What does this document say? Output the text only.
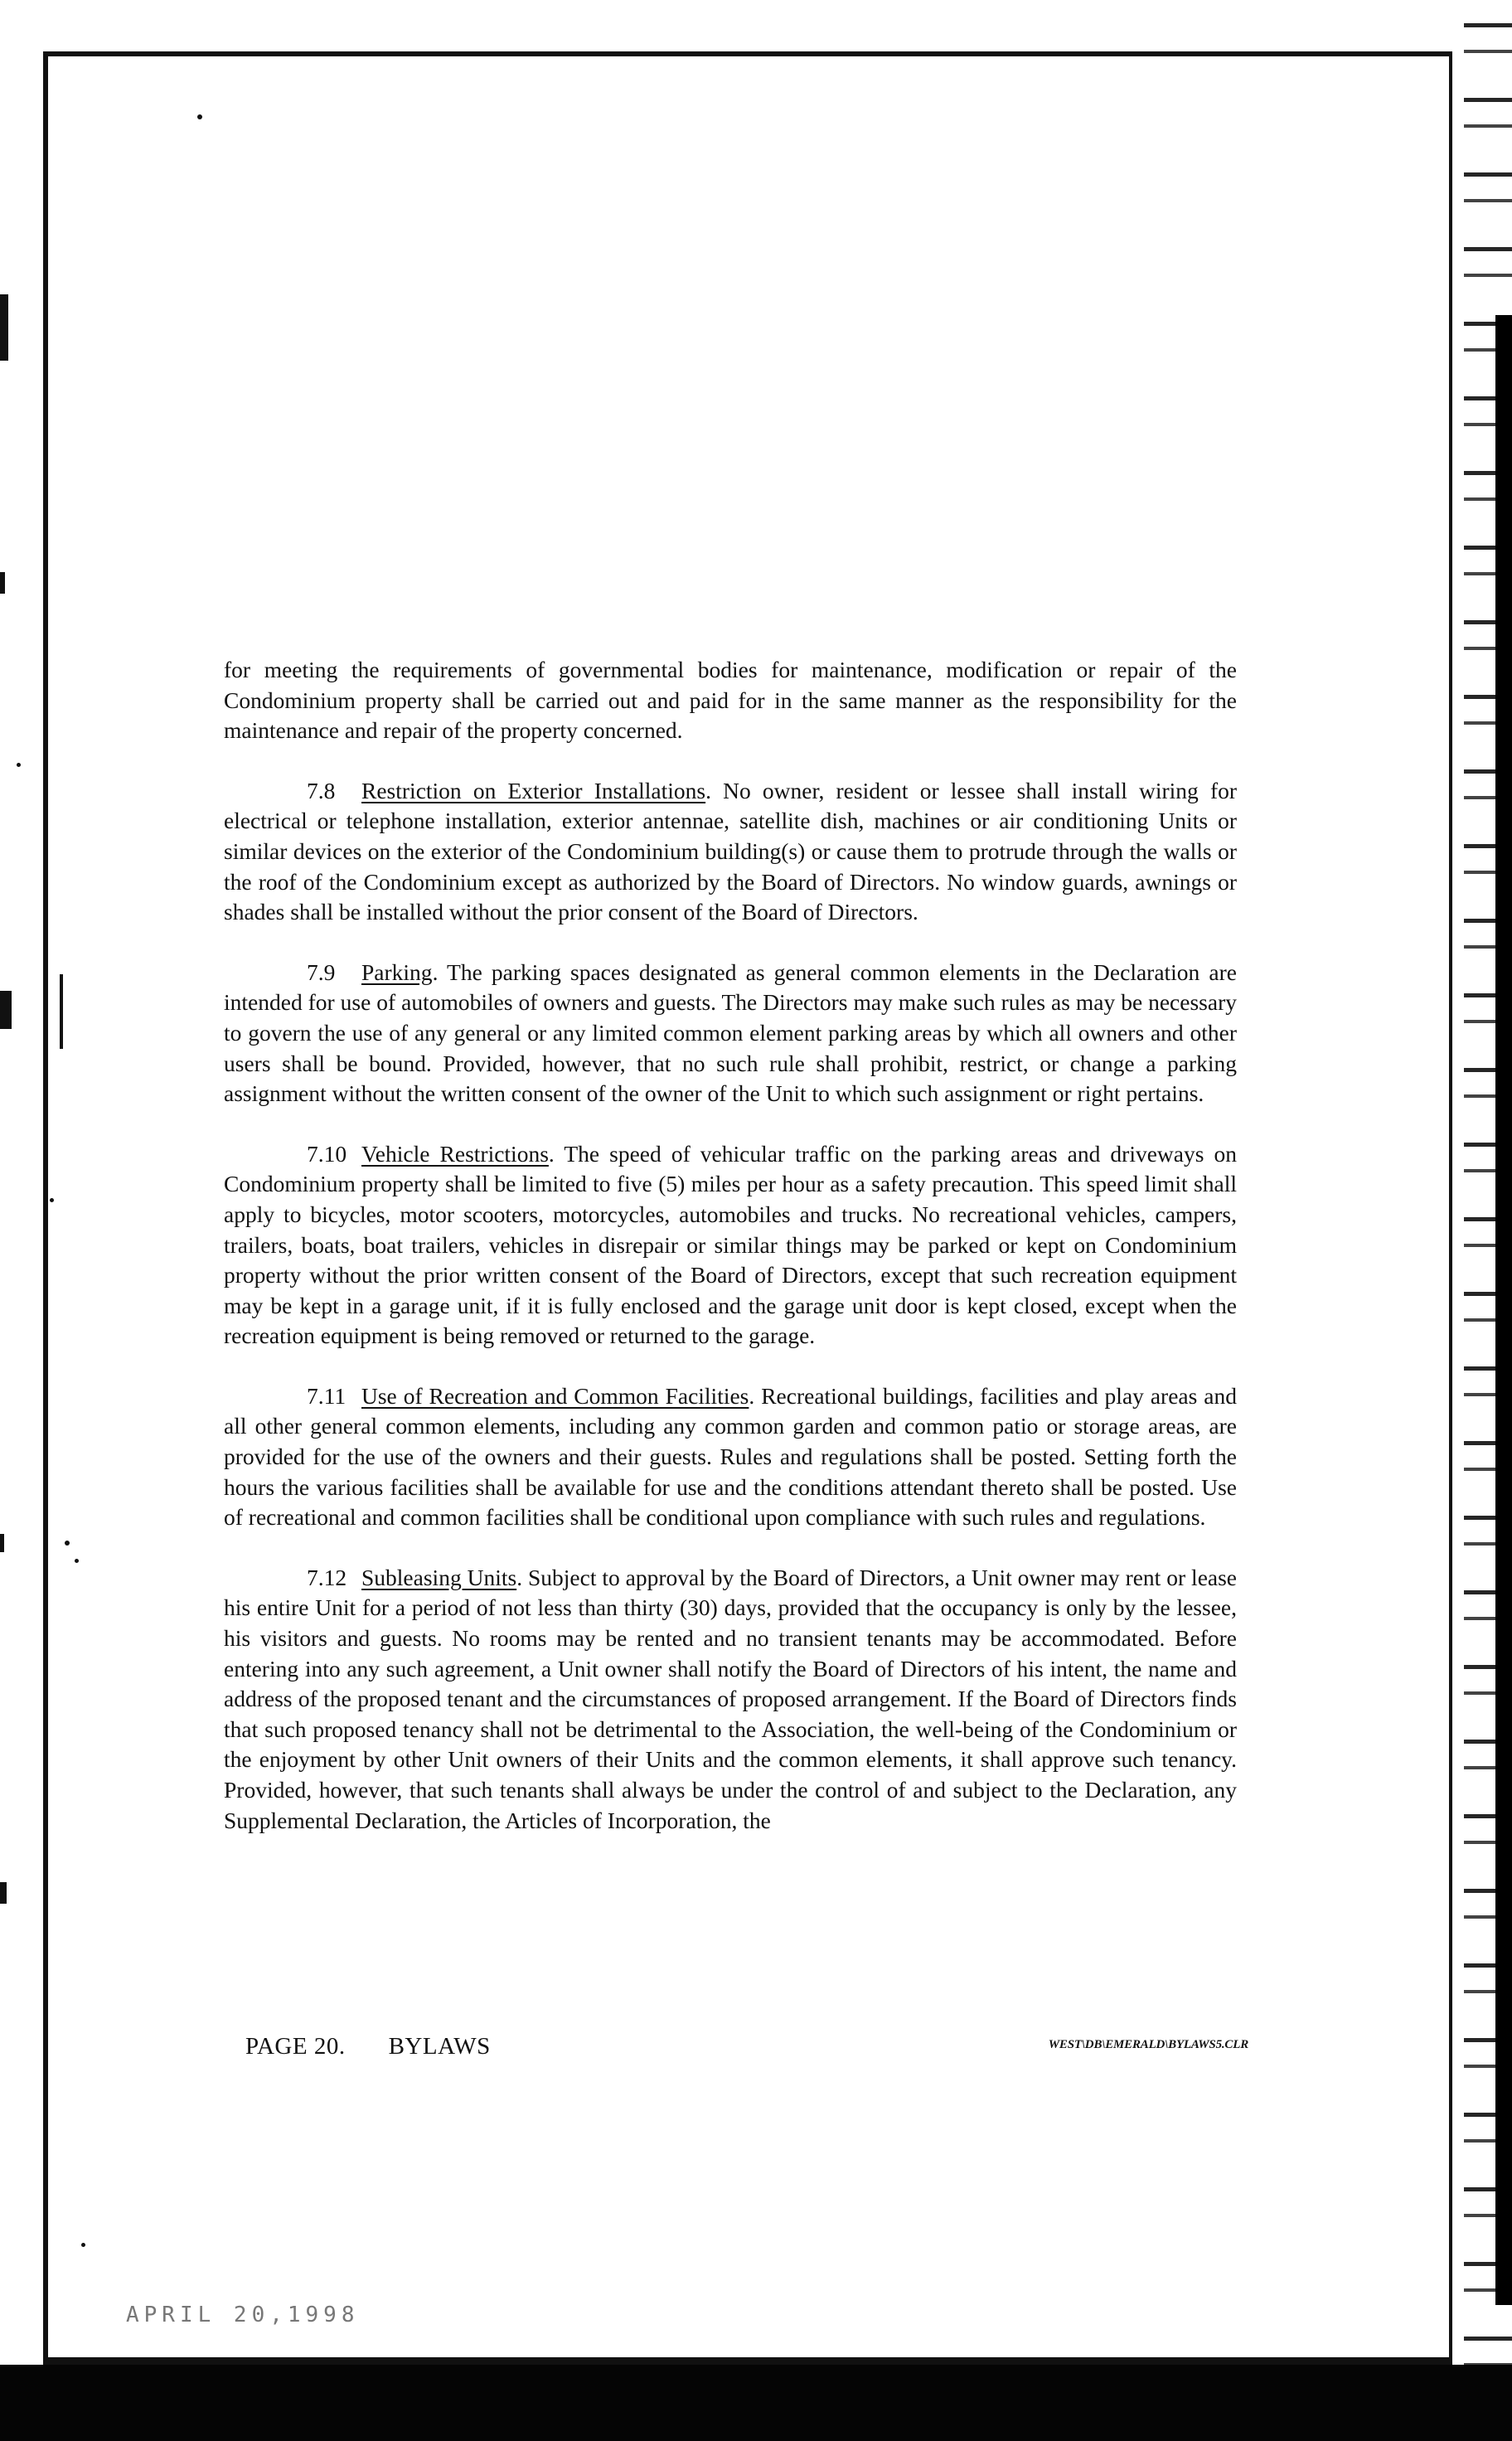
for meeting the requirements of governmental bodies for maintenance, modification or repair of the Condominium property shall be carried out and paid for in the same manner as the responsibility for the maintenance and repair of the property concerned.

7.8 Restriction on Exterior Installations. No owner, resident or lessee shall install wiring for electrical or telephone installation, exterior antennae, satellite dish, machines or air conditioning Units or similar devices on the exterior of the Condominium building(s) or cause them to protrude through the walls or the roof of the Condominium except as authorized by the Board of Directors. No window guards, awnings or shades shall be installed without the prior consent of the Board of Directors.

7.9 Parking. The parking spaces designated as general common elements in the Declaration are intended for use of automobiles of owners and guests. The Directors may make such rules as may be necessary to govern the use of any general or any limited common element parking areas by which all owners and other users shall be bound. Provided, however, that no such rule shall prohibit, restrict, or change a parking assignment without the written consent of the owner of the Unit to which such assignment or right pertains.

7.10 Vehicle Restrictions. The speed of vehicular traffic on the parking areas and driveways on Condominium property shall be limited to five (5) miles per hour as a safety precaution. This speed limit shall apply to bicycles, motor scooters, motorcycles, automobiles and trucks. No recreational vehicles, campers, trailers, boats, boat trailers, vehicles in disrepair or similar things may be parked or kept on Condominium property without the prior written consent of the Board of Directors, except that such recreation equipment may be kept in a garage unit, if it is fully enclosed and the garage unit door is kept closed, except when the recreation equipment is being removed or returned to the garage.

7.11 Use of Recreation and Common Facilities. Recreational buildings, facilities and play areas and all other general common elements, including any common garden and common patio or storage areas, are provided for the use of the owners and their guests. Rules and regulations shall be posted. Setting forth the hours the various facilities shall be available for use and the conditions attendant thereto shall be posted. Use of recreational and common facilities shall be conditional upon compliance with such rules and regulations.

7.12 Subleasing Units. Subject to approval by the Board of Directors, a Unit owner may rent or lease his entire Unit for a period of not less than thirty (30) days, provided that the occupancy is only by the lessee, his visitors and guests. No rooms may be rented and no transient tenants may be accommodated. Before entering into any such agreement, a Unit owner shall notify the Board of Directors of his intent, the name and address of the proposed tenant and the circumstances of proposed arrangement. If the Board of Directors finds that such proposed tenancy shall not be detrimental to the Association, the well-being of the Condominium or the enjoyment by other Unit owners of their Units and the common elements, it shall approve such tenancy. Provided, however, that such tenants shall always be under the control of and subject to the Declaration, any Supplemental Declaration, the Articles of Incorporation, the

PAGE 20. BYLAWS	WEST\DB\EMERALD\BYLAWS5.CLR
APRIL 20,1998
